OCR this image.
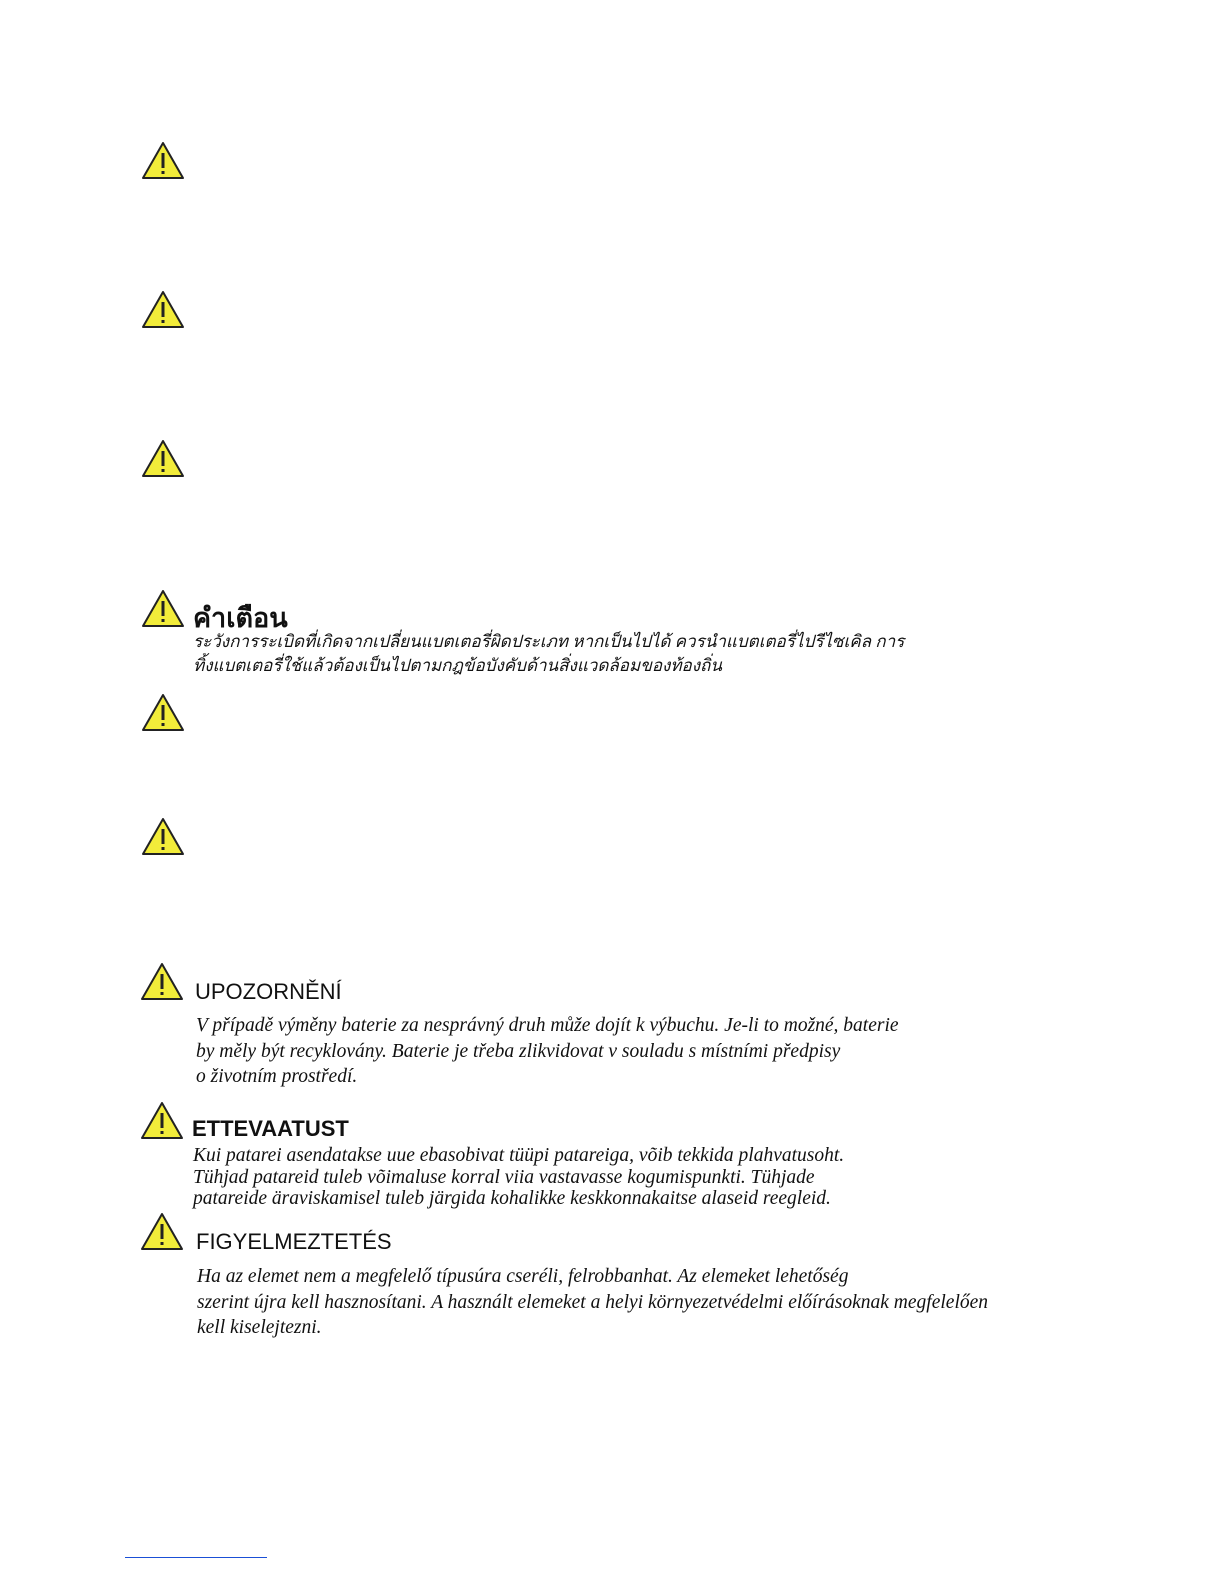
คำเตือน
ระวังการระเบิดที่เกิดจากเปลี่ยนแบตเตอรี่ผิดประเภท หากเป็นไปได้ ควรนำแบตเตอรี่ไปรีไซเคิล การ
ทิ้งแบตเตอรี่ใช้แล้วต้องเป็นไปตามกฎข้อบังคับด้านสิ่งแวดล้อมของท้องถิ่น
UPOZORNĚNÍ
V případě výměny baterie za nesprávný druh může dojít k výbuchu. Je-li to možné, baterie
by měly být recyklovány. Baterie je třeba zlikvidovat v souladu s místními předpisy
o životním prostředí.
ETTEVAATUST
Kui patarei asendatakse uue ebasobivat tüüpi patareiga, võib tekkida plahvatusoht.
Tühjad patareid tuleb võimaluse korral viia vastavasse kogumispunkti. Tühjade
patareide äraviskamisel tuleb järgida kohalikke keskkonnakaitse alaseid reegleid.
FIGYELMEZTETÉS
Ha az elemet nem a megfelelő típusúra cseréli, felrobbanhat. Az elemeket lehetőség
szerint újra kell hasznosítani. A használt elemeket a helyi környezetvédelmi előírásoknak megfelelően
kell kiselejtezni.
